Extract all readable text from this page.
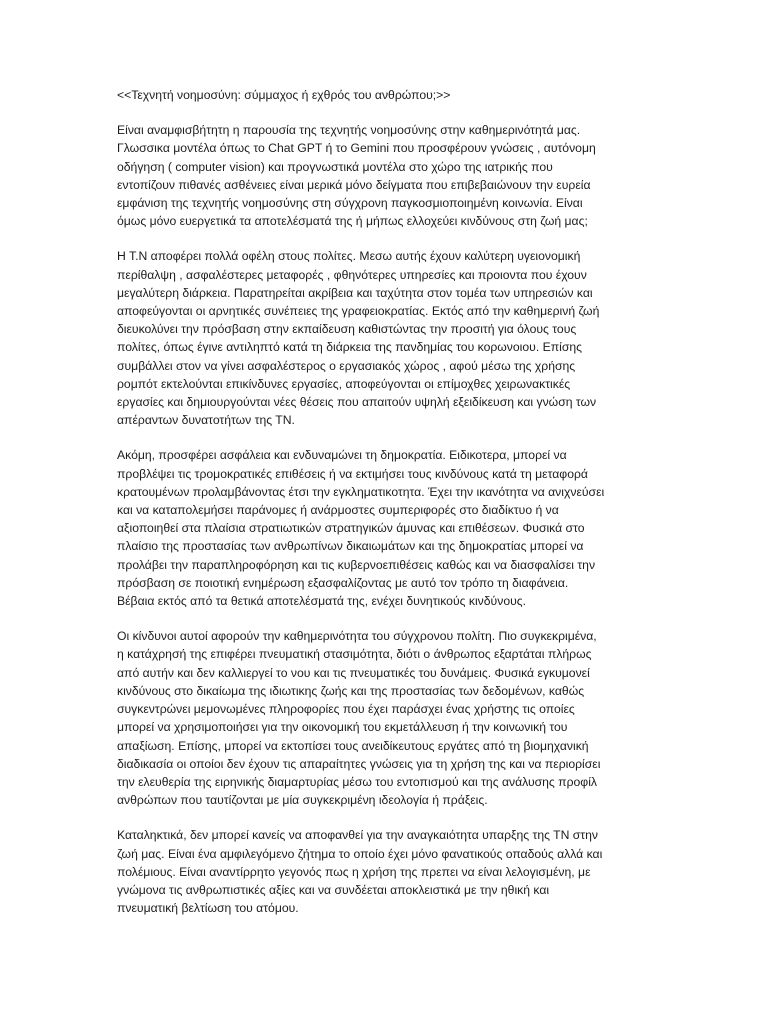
<<Τεχνητή νοημοσύνη: σύμμαχος ή εχθρός του ανθρώπου;>>
Είναι αναμφισβήτητη η παρουσία της τεχνητής νοημοσύνης στην καθημερινότητά μας.
Γλωσσικα μοντέλα όπως το Chat GPT ή το Gemini που προσφέρουν γνώσεις , αυτόνομη
οδήγηση ( computer vision) και προγνωστικά μοντέλα στο χώρο της ιατρικής που
εντοπίζουν πιθανές ασθένειες είναι μερικά μόνο δείγματα που επιβεβαιώνουν την ευρεία
εμφάνιση της τεχνητής νοημοσύνης στη σύγχρονη παγκοσμιοποιημένη κοινωνία. Είναι
όμως μόνο ευεργετικά τα αποτελέσματά της ή μήπως ελλοχεύει κινδύνους στη ζωή μας;
Η Τ.Ν αποφέρει πολλά οφέλη στους πολίτες. Μεσω αυτής έχουν καλύτερη υγειονομική
περίθαλψη , ασφαλέστερες μεταφορές , φθηνότερες υπηρεσίες και προιοντα που έχουν
μεγαλύτερη διάρκεια. Παρατηρείται ακρίβεια και ταχύτητα στον τομέα των υπηρεσιών και
αποφεύγονται οι αρνητικές συνέπειες της γραφειοκρατίας. Εκτός από την καθημερινή ζωή
διευκολύνει την πρόσβαση στην εκπαίδευση καθιστώντας την προσιτή για όλους τους
πολίτες, όπως έγινε αντιληπτό κατά τη διάρκεια της πανδημίας του κορωνοιου. Επίσης
συμβάλλει στον να γίνει ασφαλέστερος ο εργασιακός χώρος , αφού μέσω της χρήσης
ρομπότ εκτελούνται επικίνδυνες εργασίες, αποφεύγονται οι επίμοχθες χειρωνακτικές
εργασίες και δημιουργούνται νέες θέσεις που απαιτούν υψηλή εξειδίκευση και γνώση των
απέραντων δυνατοτήτων της ΤΝ.
Ακόμη, προσφέρει ασφάλεια και ενδυναμώνει τη δημοκρατία. Ειδικοτερα, μπορεί να
προβλέψει τις τρομοκρατικές επιθέσεις ή να εκτιμήσει τους κινδύνους κατά τη μεταφορά
κρατουμένων προλαμβάνοντας έτσι την εγκληματικοτητα. Έχει την ικανότητα να ανιχνεύσει
και να καταπολεμήσει παράνομες ή ανάρμοστες συμπεριφορές στο διαδίκτυο ή να
αξιοποιηθεί στα πλαίσια στρατιωτικών στρατηγικών άμυνας και επιθέσεων. Φυσικά στο
πλαίσιο της προστασίας των ανθρωπίνων δικαιωμάτων και της δημοκρατίας μπορεί να
προλάβει την παραπληροφόρηση και τις κυβερνοεπιθέσεις καθώς και να διασφαλίσει την
πρόσβαση σε ποιοτική ενημέρωση εξασφαλίζοντας με αυτό τον τρόπο τη διαφάνεια.
Βέβαια εκτός από τα θετικά αποτελέσματά της, ενέχει δυνητικούς κινδύνους.
Οι κίνδυνοι αυτοί αφορούν την καθημερινότητα του σύγχρονου πολίτη. Πιο συγκεκριμένα,
η κατάχρησή της επιφέρει πνευματική στασιμότητα, διότι ο άνθρωπος εξαρτάται πλήρως
από αυτήν και δεν καλλιεργεί το νου και τις πνευματικές του δυνάμεις. Φυσικά εγκυμονεί
κινδύνους στο δικαίωμα της ιδιωτικης ζωής και της προστασίας των δεδομένων, καθώς
συγκεντρώνει μεμονωμένες πληροφορίες που έχει παράσχει ένας χρήστης τις οποίες
μπορεί να χρησιμοποιήσει για την οικονομική του εκμετάλλευση ή την κοινωνική του
απαξίωση. Επίσης, μπορεί να εκτοπίσει τους ανειδίκευτους εργάτες από τη βιομηχανική
διαδικασία οι οποίοι δεν έχουν τις απαραίτητες γνώσεις για τη χρήση της και να περιορίσει
την ελευθερία της ειρηνικής διαμαρτυρίας μέσω του εντοπισμού και της ανάλυσης προφίλ
ανθρώπων που ταυτίζονται με μία συγκεκριμένη ιδεολογία ή πράξεις.
Καταληκτικά, δεν μπορεί κανείς να αποφανθεί για την αναγκαιότητα υπαρξης της ΤΝ στην
ζωή μας. Είναι ένα αμφιλεγόμενο ζήτημα το οποίο έχει μόνο φανατικούς οπαδούς αλλά και
πολέμιους. Είναι αναντίρρητο γεγονός πως η χρήση της πρεπει να είναι λελογισμένη, με
γνώμονα τις ανθρωπιστικές αξίες και να συνδέεται αποκλειστικά με την ηθική και
πνευματική βελτίωση του ατόμου.
